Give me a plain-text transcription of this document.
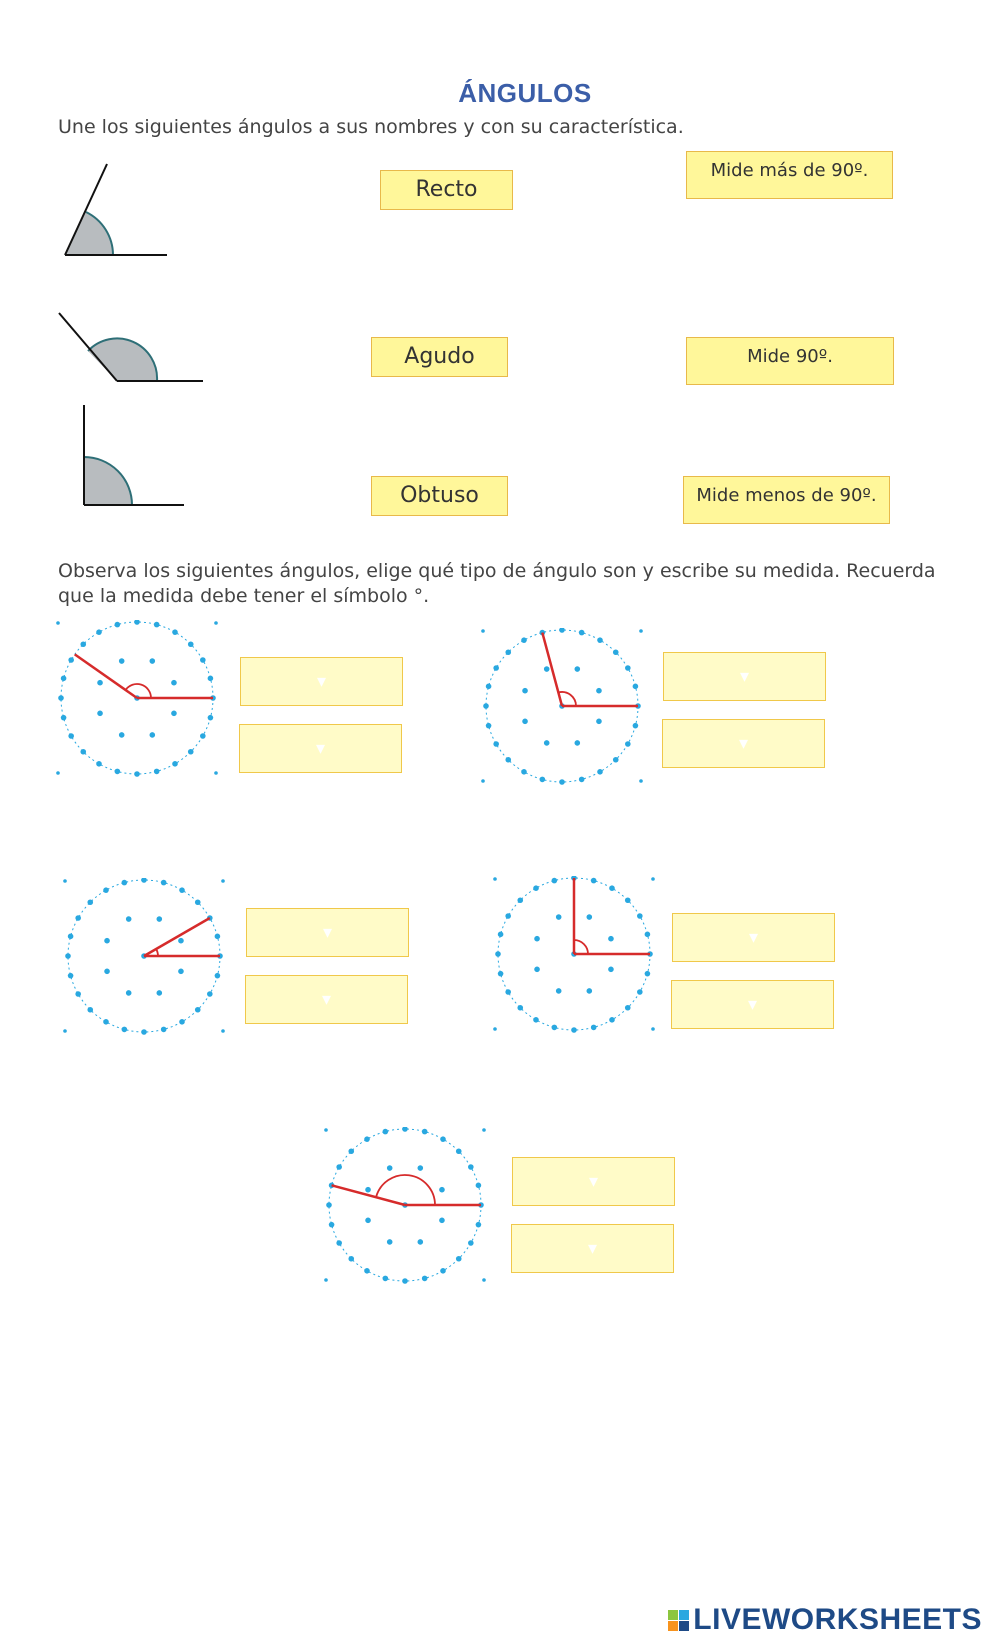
ÁNGULOS
Une los siguientes ángulos a sus nombres y con su característica.
Recto
Agudo
Obtuso
Mide más de 90º.
Mide 90º.
Mide menos de 90º.
Observa los siguientes ángulos, elige qué tipo de ángulo son y escribe su medida. Recuerda
que la medida debe tener el símbolo °.
▾
▾
▾
▾
▾
▾
▾
▾
▾
▾
LIVEWORKSHEETS
